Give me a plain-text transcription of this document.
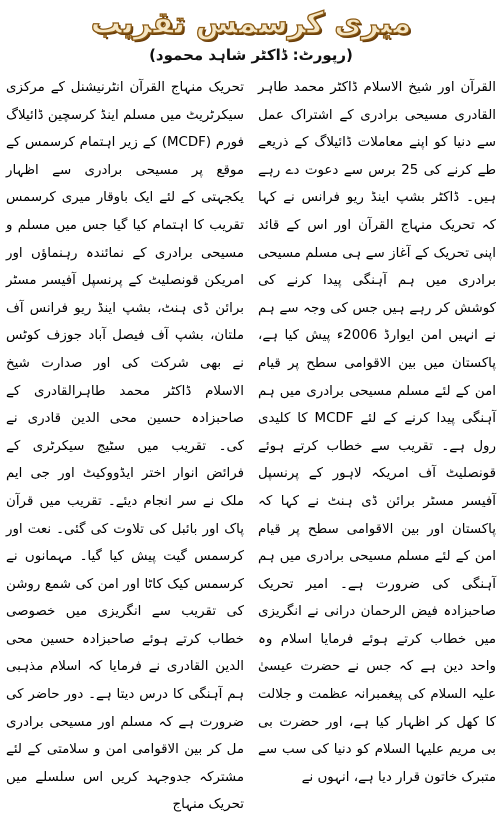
میری کرسمس تقریب
(رپورٹ: ڈاکٹر شاہد محمود)
تحریک منہاج القرآن انٹرنیشنل کے مرکزی سیکرٹریٹ میں مسلم اینڈ کرسچین ڈائیلاگ فورم (MCDF) کے زیر اہتمام کرسمس کے موقع پر مسیحی برادری سے اظہار یکجہتی کے لئے ایک باوقار میری کرسمس تقریب کا اہتمام کیا گیا جس میں مسلم و مسیحی برادری کے نمائندہ رہنماؤں اور امریکن قونصلیٹ کے پرنسپل آفیسر مسٹر برائن ڈی ہنٹ، بشپ اینڈ ریو فرانس آف ملتان، بشپ آف فیصل آباد جوزف کوٹس نے بھی شرکت کی اور صدارت شیخ الاسلام ڈاکٹر محمد طاہرالقادری کے صاحبزادہ حسین محی الدین قادری نے کی۔ تقریب میں سٹیج سیکرٹری کے فرائض انوار اختر ایڈووکیٹ اور جی ایم ملک نے سر انجام دیئے۔ تقریب میں قرآن پاک اور بائبل کی تلاوت کی گئی۔ نعت اور کرسمس گیت پیش کیا گیا۔ مہمانوں نے کرسمس کیک کاٹا اور امن کی شمع روشن کی تقریب سے انگریزی میں خصوصی خطاب کرتے ہوئے صاحبزادہ حسین محی الدین القادری نے فرمایا کہ اسلام مذہبی ہم آہنگی کا درس دیتا ہے۔ دور حاضر کی ضرورت ہے کہ مسلم اور مسیحی برادری مل کر بین الاقوامی امن و سلامتی کے لئے مشترکہ جدوجہد کریں اس سلسلے میں تحریک منہاج
القرآن اور شیخ الاسلام ڈاکٹر محمد طاہر القادری مسیحی برادری کے اشتراک عمل سے دنیا کو اپنے معاملات ڈائیلاگ کے ذریعے طے کرنے کی 25 برس سے دعوت دے رہے ہیں۔ ڈاکٹر بشپ اینڈ ریو فرانس نے کہا کہ تحریک منہاج القرآن اور اس کے قائد اپنی تحریک کے آغاز سے ہی مسلم مسیحی برادری میں ہم آہنگی پیدا کرنے کی کوشش کر رہے ہیں جس کی وجہ سے ہم نے انہیں امن ایوارڈ 2006ء پیش کیا ہے، پاکستان میں بین الاقوامی سطح پر قیام امن کے لئے مسلم مسیحی برادری میں ہم آہنگی پیدا کرنے کے لئے MCDF کا کلیدی رول ہے۔ تقریب سے خطاب کرتے ہوئے قونصلیٹ آف امریکہ لاہور کے پرنسپل آفیسر مسٹر برائن ڈی ہنٹ نے کہا کہ پاکستان اور بین الاقوامی سطح پر قیام امن کے لئے مسلم مسیحی برادری میں ہم آہنگی کی ضرورت ہے۔ امیر تحریک صاحبزادہ فیض الرحمان درانی نے انگریزی میں خطاب کرتے ہوئے فرمایا اسلام وہ واحد دین ہے کہ جس نے حضرت عیسیٰ علیہ السلام کی پیغمبرانہ عظمت و جلالت کا کھل کر اظہار کیا ہے، اور حضرت بی بی مریم علیہا السلام کو دنیا کی سب سے متبرک خاتون قرار دیا ہے، انہوں نے
